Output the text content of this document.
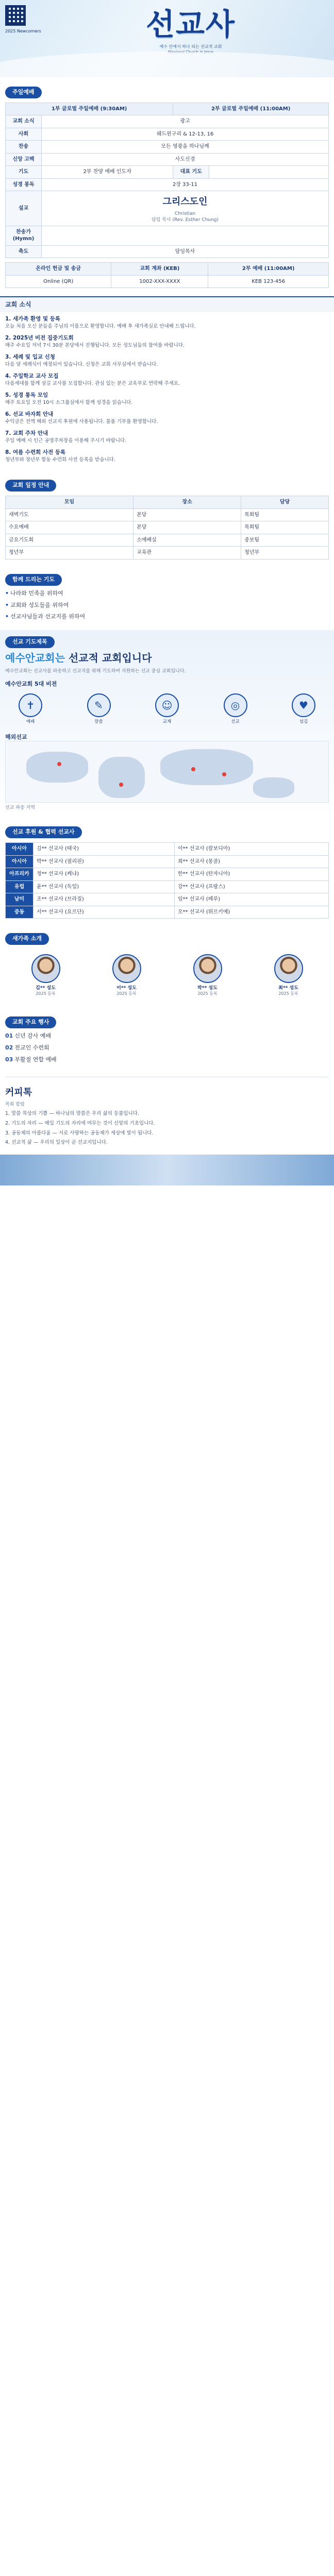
2025 Newcomers	선교사
예수 안에서 하나 되는 선교적 교회
주일예배
1부 글로벌 주일예배 (9:30AM)		2부 글로벌 주일예배 (11:00AM)	
교회 소식	광고		
사회	쉐드윈구리 & 12-13, 16		
찬송	모든 영광을 하나님께		
신앙 고백	사도신경		
기도	2부 찬양 예배 인도자	대표 기도	
성경 봉독	2장 33-11		
설교	그리스도인
Christian
담임 목사 (Rev. Esther Chung)		

찬송가 (Hymn)			
축도	담임목사		
온라인 헌금 및 송금	교회 계좌 (KEB)	2부 예배 (11:00AM)
Online (QR)	1002-XXX-XXXX	KEB 123-456
교회 소식
1. 새가족 환영 및 등록
오늘 처음 오신 분들을 주님의 이름으로 환영합니다. 예배 후 새가족실로 안내해 드립니다.
2. 2025년 비전 집중기도회
매주 수요일 저녁 7시 30분 본당에서 진행됩니다. 모든 성도님들의 참여를 바랍니다.
3. 세례 및 입교 신청
다음 달 세례식이 예정되어 있습니다. 신청은 교회 사무실에서 받습니다.
4. 주일학교 교사 모집
다음세대를 함께 섬길 교사를 모집합니다. 관심 있는 분은 교육부로 연락해 주세요.
5. 성경 통독 모임
매주 토요일 오전 10시 소그룹실에서 함께 성경을 읽습니다.
6. 선교 바자회 안내
수익금은 전액 해외 선교지 후원에 사용됩니다. 물품 기부를 환영합니다.
7. 교회 주차 안내
주일 예배 시 인근 공영주차장을 이용해 주시기 바랍니다.
8. 여름 수련회 사전 등록
청년부와 장년부 합동 수련회 사전 등록을 받습니다.
교회 일정 안내
모임	장소	담당
새벽기도	본당	목회팀
수요예배	본당	목회팀
금요기도회	소예배실	중보팀
청년부	교육관	청년부
함께 드리는 기도
• 나라와 민족을 위하여
• 교회와 성도들을 위하여
• 선교사님들과 선교지를 위하여
선교 기도제목
예수안교회는 선교적 교회입니다
예수안교회는 선교사를 파송하고 선교지를 위해 기도하며 지원하는 선교 중심 교회입니다.
예수안교회 5대 비전
✝
예배
✎
말씀
☺
교제
◎
선교
♥
섬김
해외선교
선교 파송 지역
선교 후원 & 협력 선교사
아시아	김** 선교사 (태국)	이** 선교사 (캄보디아)
아시아	박** 선교사 (필리핀)	최** 선교사 (몽골)
아프리카	정** 선교사 (케냐)	한** 선교사 (탄자니아)
유럽	윤** 선교사 (독일)	강** 선교사 (프랑스)
남미	조** 선교사 (브라질)	임** 선교사 (페루)
중동	서** 선교사 (요르단)	오** 선교사 (튀르키예)
새가족 소개
김** 성도
2025 등록
이** 성도
2025 등록
박** 성도
2025 등록
최** 성도
2025 등록
교회 주요 행사
01 신년 감사 예배
02 전교인 수련회
03 부활절 연합 예배
커피톡

목회 칼럼

1. 말씀 묵상의 기쁨 — 하나님의 말씀은 우리 삶의 등불입니다.

2. 기도의 자리 — 매일 기도의 자리에 머무는 것이 신앙의 기초입니다.

3. 공동체의 아름다움 — 서로 사랑하는 공동체가 세상에 빛이 됩니다.

4. 선교적 삶 — 우리의 일상이 곧 선교지입니다.
